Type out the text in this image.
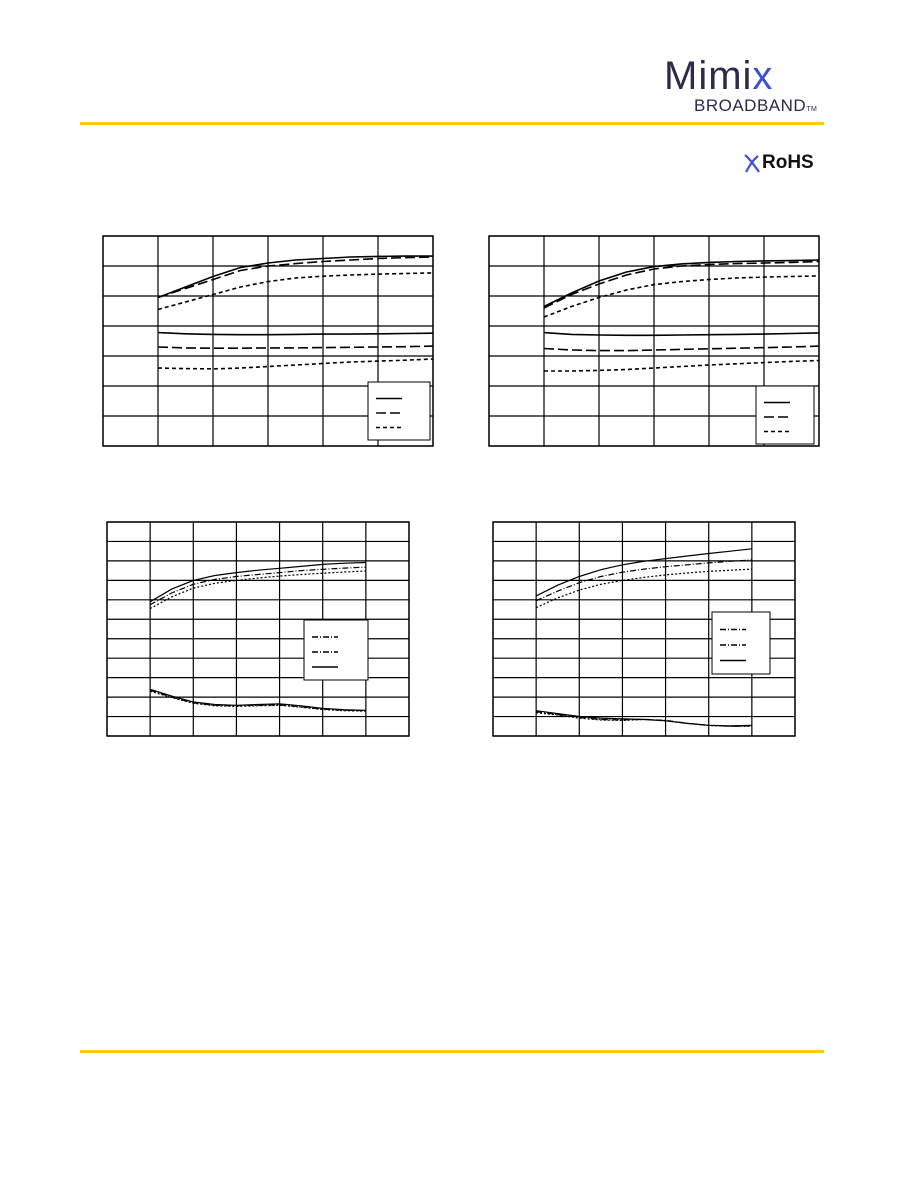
Mimix
BROADBANDTM
RoHS
